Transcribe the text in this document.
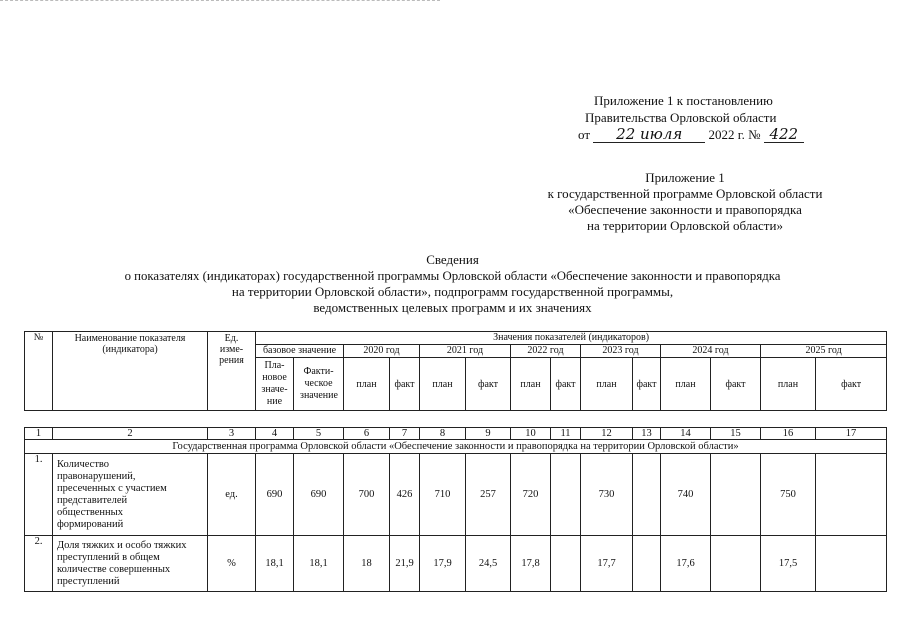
Приложение 1 к постановлению
Правительства Орловской области
от 22 июля 2022 г. № 422
Приложение 1
к государственной программе Орловской области
«Обеспечение законности и правопорядка
на территории Орловской области»
Сведения
о показателях (индикаторах) государственной программы Орловской области «Обеспечение законности и правопорядка
на территории Орловской области», подпрограмм государственной программы,
ведомственных целевых программ и их значениях
№	Наименование показателя (индикатора)	Ед. изме- рения	Значения показателей (индикаторов)													
			базовое значение		2020 год		2021 год		2022 год		2023 год		2024 год		2025 год	
			Пла- новое значе- ние	Факти- ческое значение	план	факт	план	факт	план	факт	план	факт	план	факт	план	факт
1	2	3	4	5	6	7	8	9	10	11	12	13	14	15	16	17
Государственная программа Орловской области «Обеспечение законности и правопорядка на территории Орловской области»																
1.	Количество правонарушений, пресеченных с участием представителей общественных формирований	ед.	690	690	700	426	710	257	720		730		740		750	
2.	Доля тяжких и особо тяжких преступлений в общем количестве совершенных преступлений	%	18,1	18,1	18	21,9	17,9	24,5	17,8		17,7		17,6		17,5	
